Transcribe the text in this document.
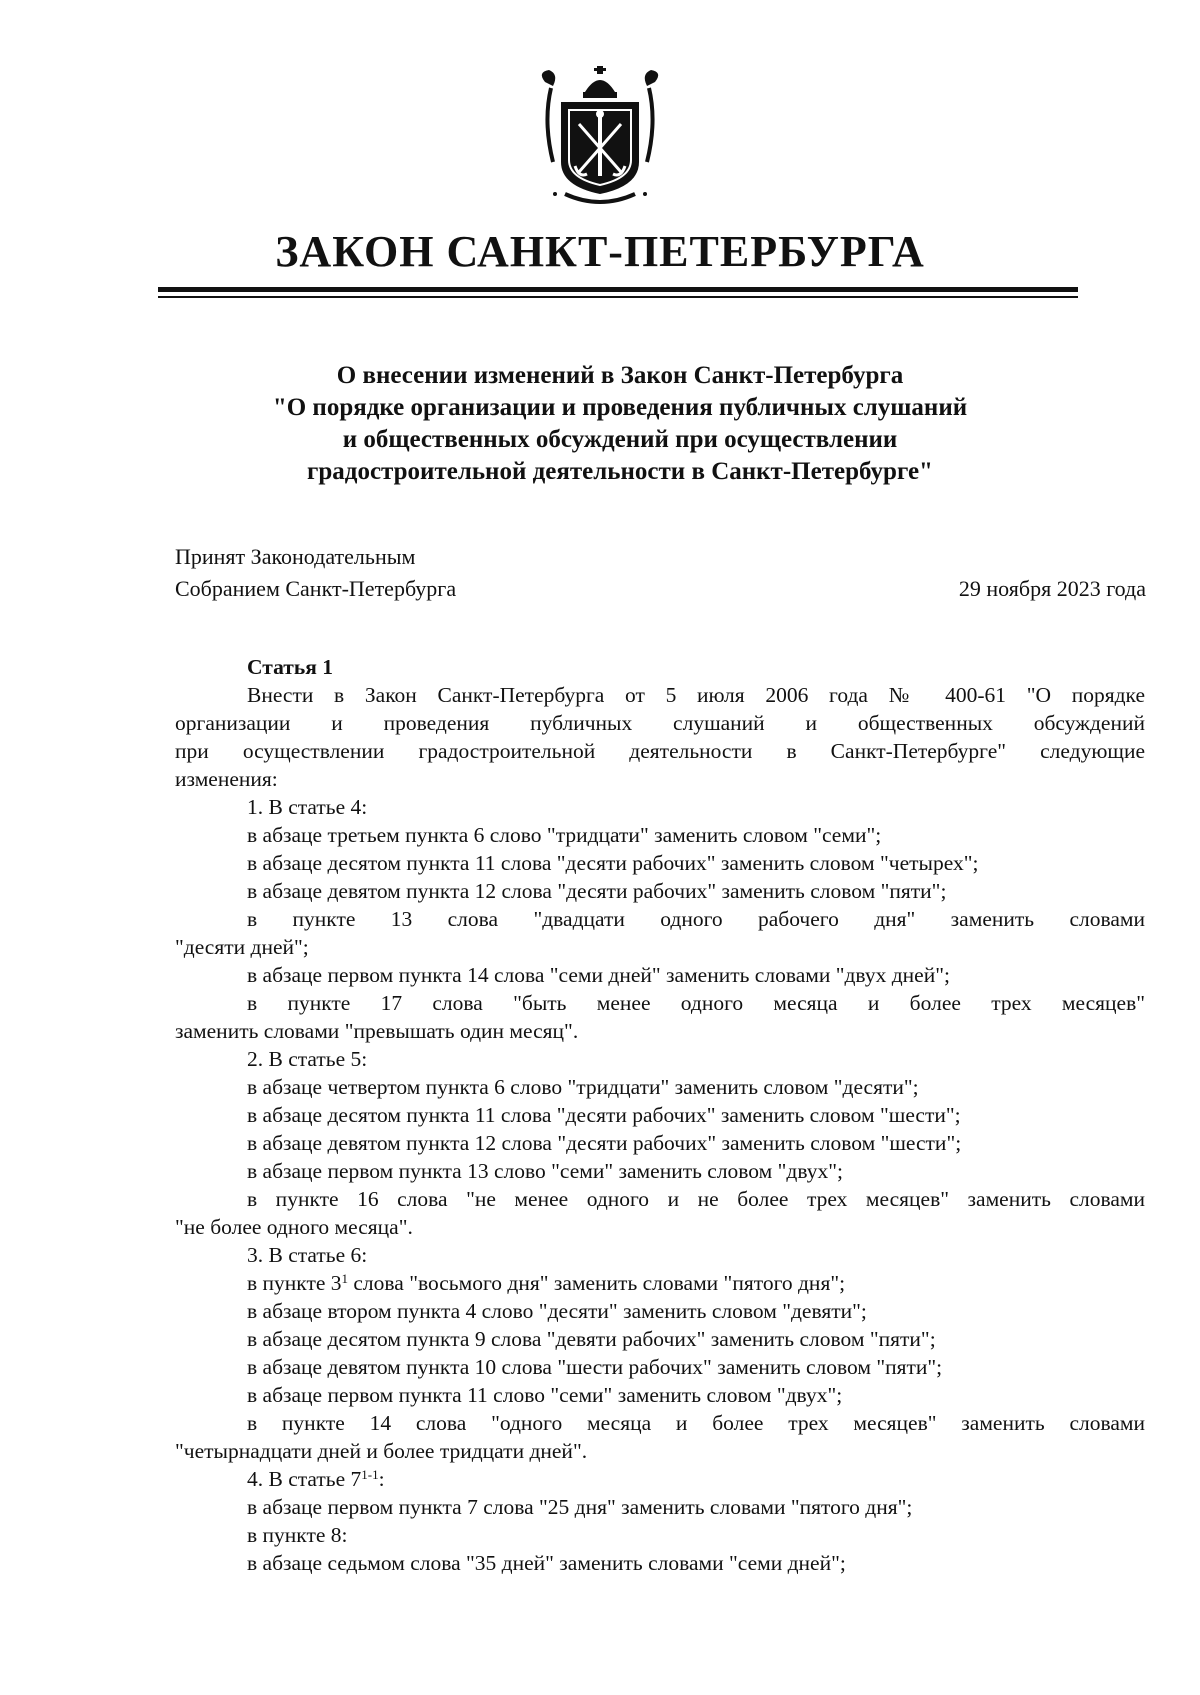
ЗАКОН САНКТ-ПЕТЕРБУРГА
О внесении изменений в Закон Санкт-Петербурга
"О порядке организации и проведения публичных слушаний
и общественных обсуждений при осуществлении
градостроительной деятельности в Санкт-Петербурге"
Принят Законодательным
Собранием Санкт-Петербурга	29 ноября 2023 года
Статья 1
Внести в Закон Санкт-Петербурга от 5 июля 2006 года № 400-61 "О порядке
организации и проведения публичных слушаний и общественных обсуждений
при осуществлении градостроительной деятельности в Санкт-Петербурге" следующие
изменения:
1. В статье 4:
в абзаце третьем пункта 6 слово "тридцати" заменить словом "семи";
в абзаце десятом пункта 11 слова "десяти рабочих" заменить словом "четырех";
в абзаце девятом пункта 12 слова "десяти рабочих" заменить словом "пяти";
в пункте 13 слова "двадцати одного рабочего дня" заменить словами
"десяти дней";
в абзаце первом пункта 14 слова "семи дней" заменить словами "двух дней";
в пункте 17 слова "быть менее одного месяца и более трех месяцев"
заменить словами "превышать один месяц".
2. В статье 5:
в абзаце четвертом пункта 6 слово "тридцати" заменить словом "десяти";
в абзаце десятом пункта 11 слова "десяти рабочих" заменить словом "шести";
в абзаце девятом пункта 12 слова "десяти рабочих" заменить словом "шести";
в абзаце первом пункта 13 слово "семи" заменить словом "двух";
в пункте 16 слова "не менее одного и не более трех месяцев" заменить словами
"не более одного месяца".
3. В статье 6:
в пункте $3^1$ слова "восьмого дня" заменить словами "пятого дня";
в абзаце втором пункта 4 слово "десяти" заменить словом "девяти";
в абзаце десятом пункта 9 слова "девяти рабочих" заменить словом "пяти";
в абзаце девятом пункта 10 слова "шести рабочих" заменить словом "пяти";
в абзаце первом пункта 11 слово "семи" заменить словом "двух";
в пункте 14 слова "одного месяца и более трех месяцев" заменить словами
"четырнадцати дней и более тридцати дней".
4. В статье 7$^{1-1}$:
в абзаце первом пункта 7 слова "25 дня" заменить словами "пятого дня";
в пункте 8:
в абзаце седьмом слова "35 дней" заменить словами "семи дней";
